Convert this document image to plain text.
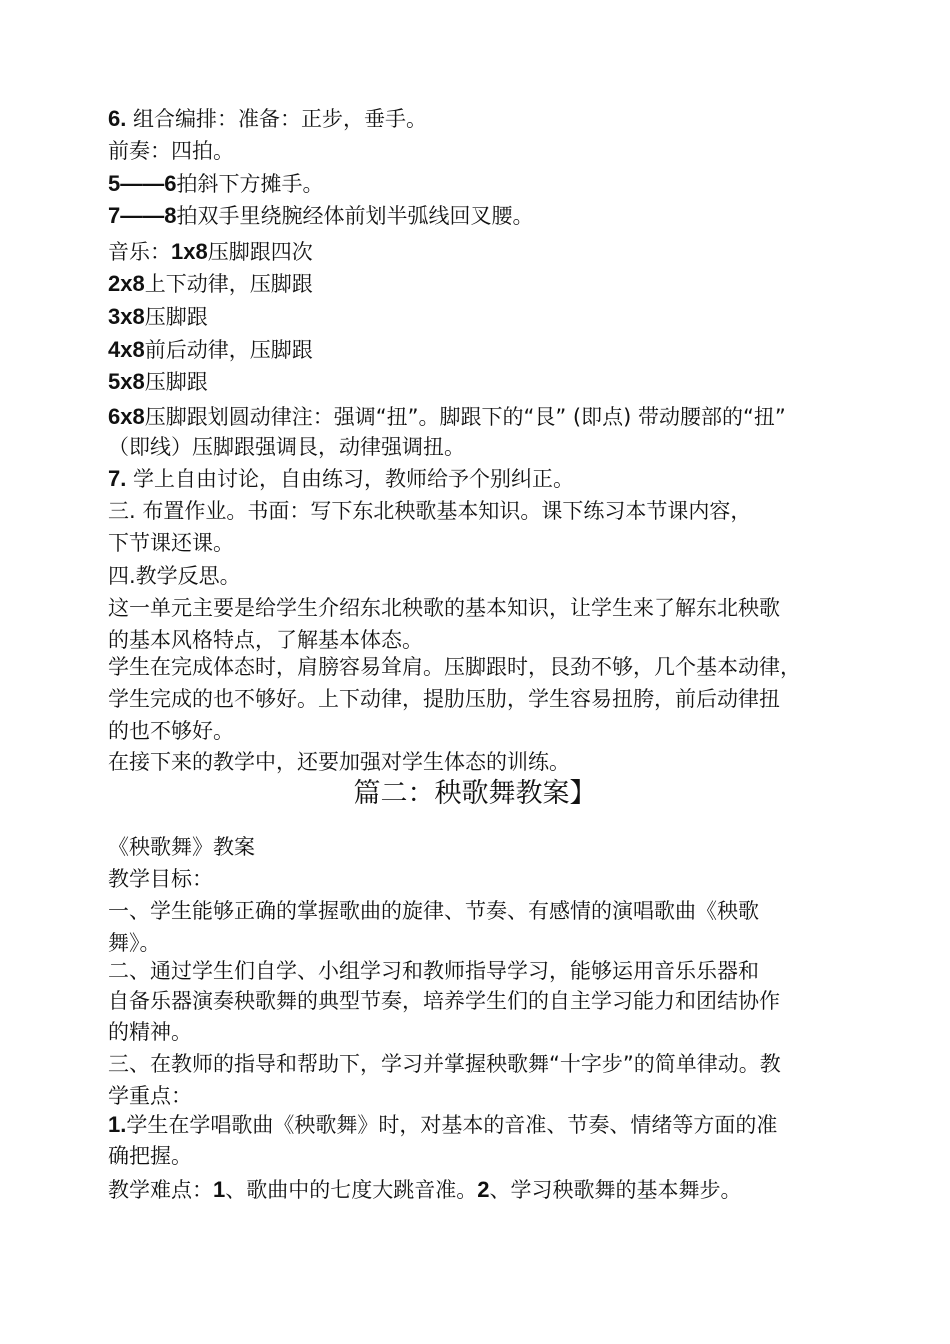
6. 组合编排：准备：正步，垂手。

前奏：四拍。

5——6拍斜下方摊手。

7——8拍双手里绕腕经体前划半弧线回叉腰。

音乐：1x8压脚跟四次

2x8上下动律，压脚跟

3x8压脚跟

4x8前后动律，压脚跟

5x8压脚跟

6x8压脚跟划圆动律注：强调“扭”。脚跟下的“艮” (即点) 带动腰部的“扭”

（即线）压脚跟强调艮，动律强调扭。

7. 学上自由讨论，自由练习，教师给予个别纠正。

三. 布置作业。书面：写下东北秧歌基本知识。课下练习本节课内容，

下节课还课。

四.教学反思。

这一单元主要是给学生介绍东北秧歌的基本知识，让学生来了解东北秧歌

的基本风格特点，了解基本体态。

学生在完成体态时，肩膀容易耸肩。压脚跟时，艮劲不够，几个基本动律，

学生完成的也不够好。上下动律，提肋压肋，学生容易扭胯，前后动律扭

的也不够好。

在接下来的教学中，还要加强对学生体态的训练。

篇二：秧歌舞教案】

《秧歌舞》教案

教学目标：

一、学生能够正确的掌握歌曲的旋律、节奏、有感情的演唱歌曲《秧歌

舞》。

二、通过学生们自学、小组学习和教师指导学习，能够运用音乐乐器和

自备乐器演奏秧歌舞的典型节奏，培养学生们的自主学习能力和团结协作

的精神。

三、在教师的指导和帮助下，学习并掌握秧歌舞“十字步”的简单律动。教

学重点：

1.学生在学唱歌曲《秧歌舞》时，对基本的音准、节奏、情绪等方面的准

确把握。

教学难点：1、歌曲中的七度大跳音准。2、学习秧歌舞的基本舞步。
